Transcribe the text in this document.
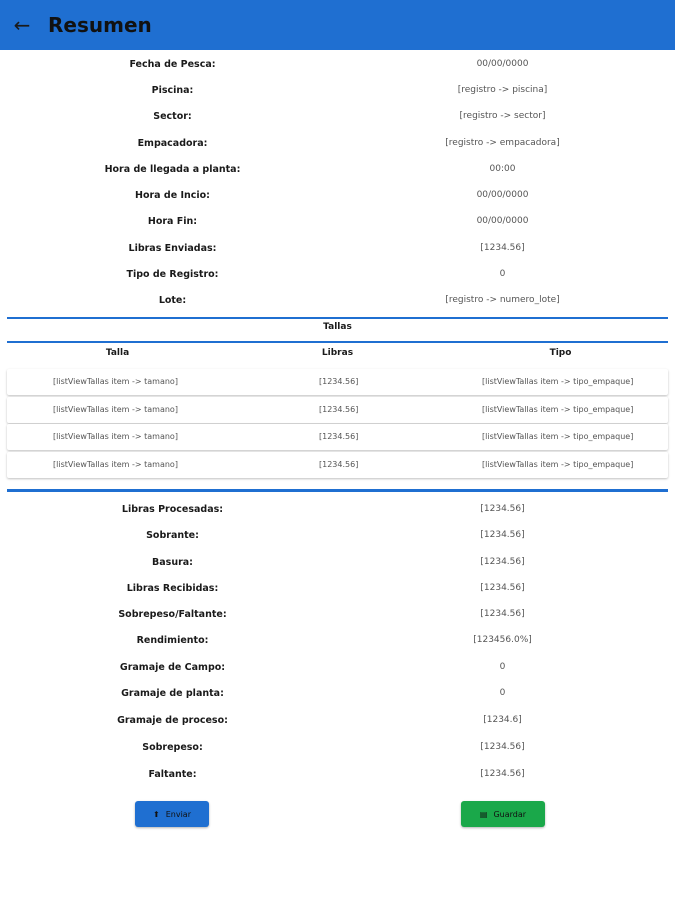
← Resumen
Fecha de Pesca:	00/00/0000
Piscina:	[registro -> piscina]
Sector:	[registro -> sector]
Empacadora:	[registro -> empacadora]
Hora de llegada a planta:	00:00
Hora de Incio:	00/00/0000
Hora Fin:	00/00/0000
Libras Enviadas:	[1234.56]
Tipo de Registro:	0
Lote:	[registro -> numero_lote]
Tallas
Talla	Libras	Tipo
[listViewTallas item -> tamano]	[1234.56]	[listViewTallas item -> tipo_empaque]
[listViewTallas item -> tamano]	[1234.56]	[listViewTallas item -> tipo_empaque]
[listViewTallas item -> tamano]	[1234.56]	[listViewTallas item -> tipo_empaque]
[listViewTallas item -> tamano]	[1234.56]	[listViewTallas item -> tipo_empaque]
Libras Procesadas:	[1234.56]
Sobrante:	[1234.56]
Basura:	[1234.56]
Libras Recibidas:	[1234.56]
Sobrepeso/Faltante:	[1234.56]
Rendimiento:	[123456.0%]
Gramaje de Campo:	0
Gramaje de planta:	0
Gramaje de proceso:	[1234.6]
Sobrepeso:	[1234.56]
Faltante:	[1234.56]
⬆ Enviar	▤ Guardar
